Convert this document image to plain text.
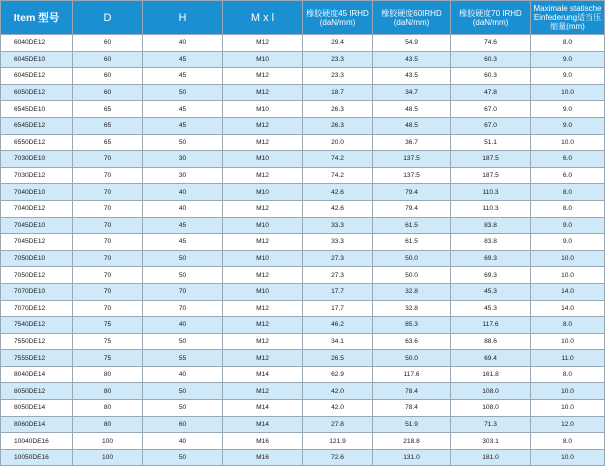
Item 型号	D	H	M x l	橡胶硬度45 IRHD (daN/mm)	橡胶硬度60IRHD (daN/mm)	橡胶硬度70 IRHD (daN/mm)	Maximale statische Einfederung适当压缩量(mm)
6040DE12	60	40	M12	29.4	54.9	74.6	8.0
6045DE10	60	45	M10	23.3	43.5	60.3	9.0
6045DE12	60	45	M12	23.3	43.5	60.3	9.0
6050DE12	60	50	M12	18.7	34.7	47.8	10.0
6545DE10	65	45	M10	26.3	48.5	67.0	9.0
6545DE12	65	45	M12	26.3	48.5	67.0	9.0
6550DE12	65	50	M12	20.0	36.7	51.1	10.0
7030DE10	70	30	M10	74.2	137.5	187.5	6.0
7030DE12	70	30	M12	74.2	137.5	187.5	6.0
7040DE10	70	40	M10	42.6	79.4	110.3	8.0
7040DE12	70	40	M12	42.6	79.4	110.3	8.0
7045DE10	70	45	M10	33.3	61.5	83.8	9.0
7045DE12	70	45	M12	33.3	61.5	83.8	9.0
7050DE10	70	50	M10	27.3	50.0	69.3	10.0
7050DE12	70	50	M12	27.3	50.0	69.3	10.0
7070DE10	70	70	M10	17.7	32.8	45.3	14.0
7070DE12	70	70	M12	17.7	32.8	45.3	14.0
7540DE12	75	40	M12	46.2	85.3	117.6	8.0
7550DE12	75	50	M12	34.1	63.6	88.6	10.0
7555DE12	75	55	M12	26.5	50.0	69.4	11.0
8040DE14	80	40	M14	62.9	117.6	161.8	8.0
8050DE12	80	50	M12	42.0	78.4	108.0	10.0
8050DE14	80	50	M14	42.0	78.4	108.0	10.0
8060DE14	80	60	M14	27.8	51.9	71.3	12.0
10040DE16	100	40	M16	121.9	218.8	303.1	8.0
10050DE16	100	50	M16	72.6	131.0	181.0	10.0
